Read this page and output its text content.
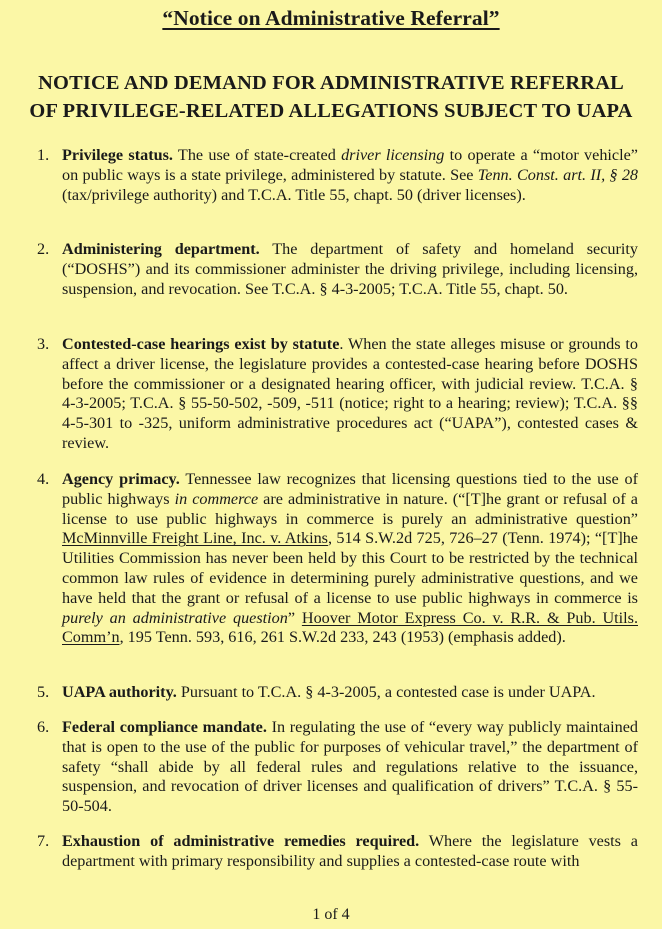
“Notice on Administrative Referral”
NOTICE AND DEMAND FOR ADMINISTRATIVE REFERRAL
OF PRIVILEGE-RELATED ALLEGATIONS SUBJECT TO UAPA
1. Privilege status. The use of state-created driver licensing to operate a “motor vehicle” on public ways is a state privilege, administered by statute. See Tenn. Const. art. II, § 28 (tax/privilege authority) and T.C.A. Title 55, chapt. 50 (driver licenses).
2. Administering department. The department of safety and homeland security (“DOSHS”) and its commissioner administer the driving privilege, including licensing, suspension, and revocation. See T.C.A. § 4-3-2005; T.C.A. Title 55, chapt. 50.
3. Contested-case hearings exist by statute. When the state alleges misuse or grounds to affect a driver license, the legislature provides a contested-case hearing before DOSHS before the commissioner or a designated hearing officer, with judicial review. T.C.A. § 4-3-2005; T.C.A. § 55-50-502, -509, -511 (notice; right to a hearing; review); T.C.A. §§ 4-5-301 to -325, uniform administrative procedures act (“UAPA”), contested cases & review.
4. Agency primacy. Tennessee law recognizes that licensing questions tied to the use of public highways in commerce are administrative in nature. (“[T]he grant or refusal of a license to use public highways in commerce is purely an administrative question” McMinnville Freight Line, Inc. v. Atkins, 514 S.W.2d 725, 726–27 (Tenn. 1974); “[T]he Utilities Commission has never been held by this Court to be restricted by the technical common law rules of evidence in determining purely administrative questions, and we have held that the grant or refusal of a license to use public highways in commerce is purely an administrative question” Hoover Motor Express Co. v. R.R. & Pub. Utils. Comm’n, 195 Tenn. 593, 616, 261 S.W.2d 233, 243 (1953) (emphasis added).
5. UAPA authority. Pursuant to T.C.A. § 4-3-2005, a contested case is under UAPA.
6. Federal compliance mandate. In regulating the use of “every way publicly maintained that is open to the use of the public for purposes of vehicular travel,” the department of safety “shall abide by all federal rules and regulations relative to the issuance, suspension, and revocation of driver licenses and qualification of drivers” T.C.A. § 55-50-504.
7. Exhaustion of administrative remedies required. Where the legislature vests a department with primary responsibility and supplies a contested-case route with
1 of 4
